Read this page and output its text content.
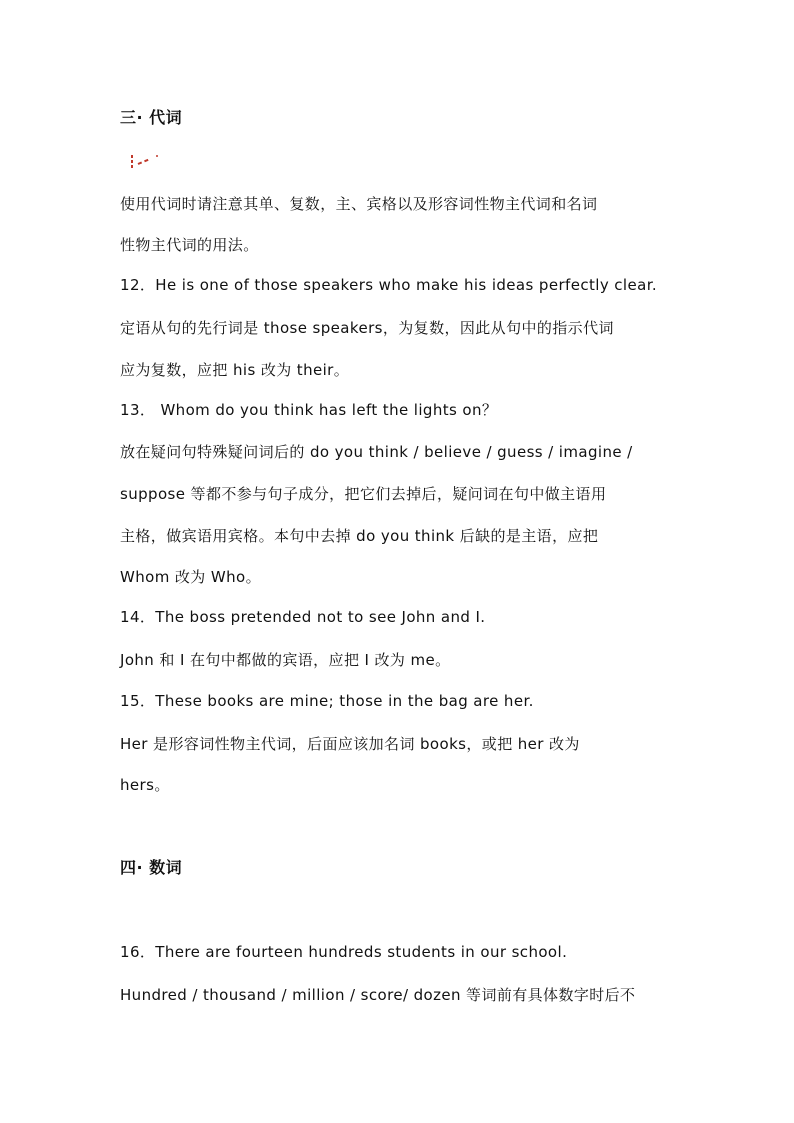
三· 代词
使用代词时请注意其单、复数，主、宾格以及形容词性物主代词和名词
性物主代词的用法。
12．He is one of those speakers who make his ideas perfectly clear.
定语从句的先行词是 those speakers，为复数，因此从句中的指示代词
应为复数，应把 his 改为 their。
13． Whom do you think has left the lights on？
放在疑问句特殊疑问词后的 do you think / believe / guess / imagine /
suppose 等都不参与句子成分，把它们去掉后，疑问词在句中做主语用
主格，做宾语用宾格。本句中去掉 do you think 后缺的是主语，应把
Whom 改为 Who。
14．The boss pretended not to see John and I.
John 和 I 在句中都做的宾语，应把 I 改为 me。
15．These books are mine; those in the bag are her.
Her 是形容词性物主代词，后面应该加名词 books，或把 her 改为
hers。
四· 数词
16．There are fourteen hundreds students in our school.
Hundred / thousand / million / score/ dozen 等词前有具体数字时后不
